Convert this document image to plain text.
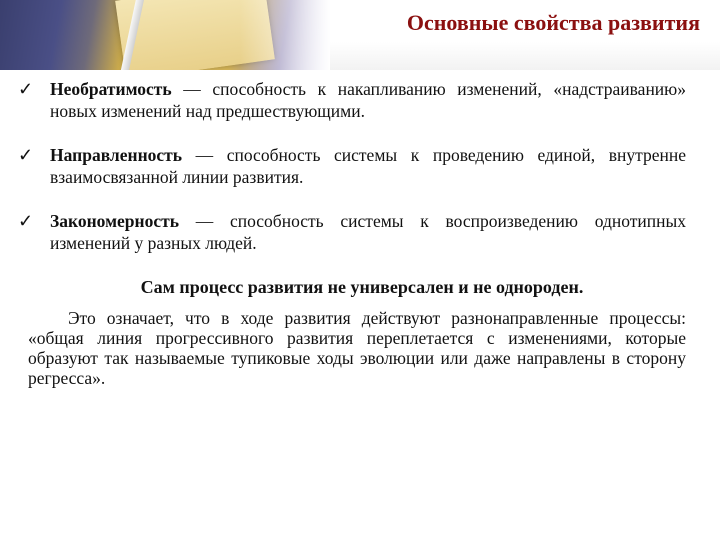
Основные свойства развития
✓ Необратимость — способность к накапливанию изменений, «надстраиванию» новых изменений над предшествующими.
✓ Направленность — способность системы к проведению единой, внутренне взаимосвязанной линии развития.
✓ Закономерность — способность системы к воспроизведению однотипных изменений у разных людей.
Сам процесс развития не универсален и не однороден.
Это означает, что в ходе развития действуют разнонаправленные процессы: «общая линия прогрессивного развития переплетается с изменениями, которые образуют так называемые тупиковые ходы эволюции или даже направлены в сторону регресса».
